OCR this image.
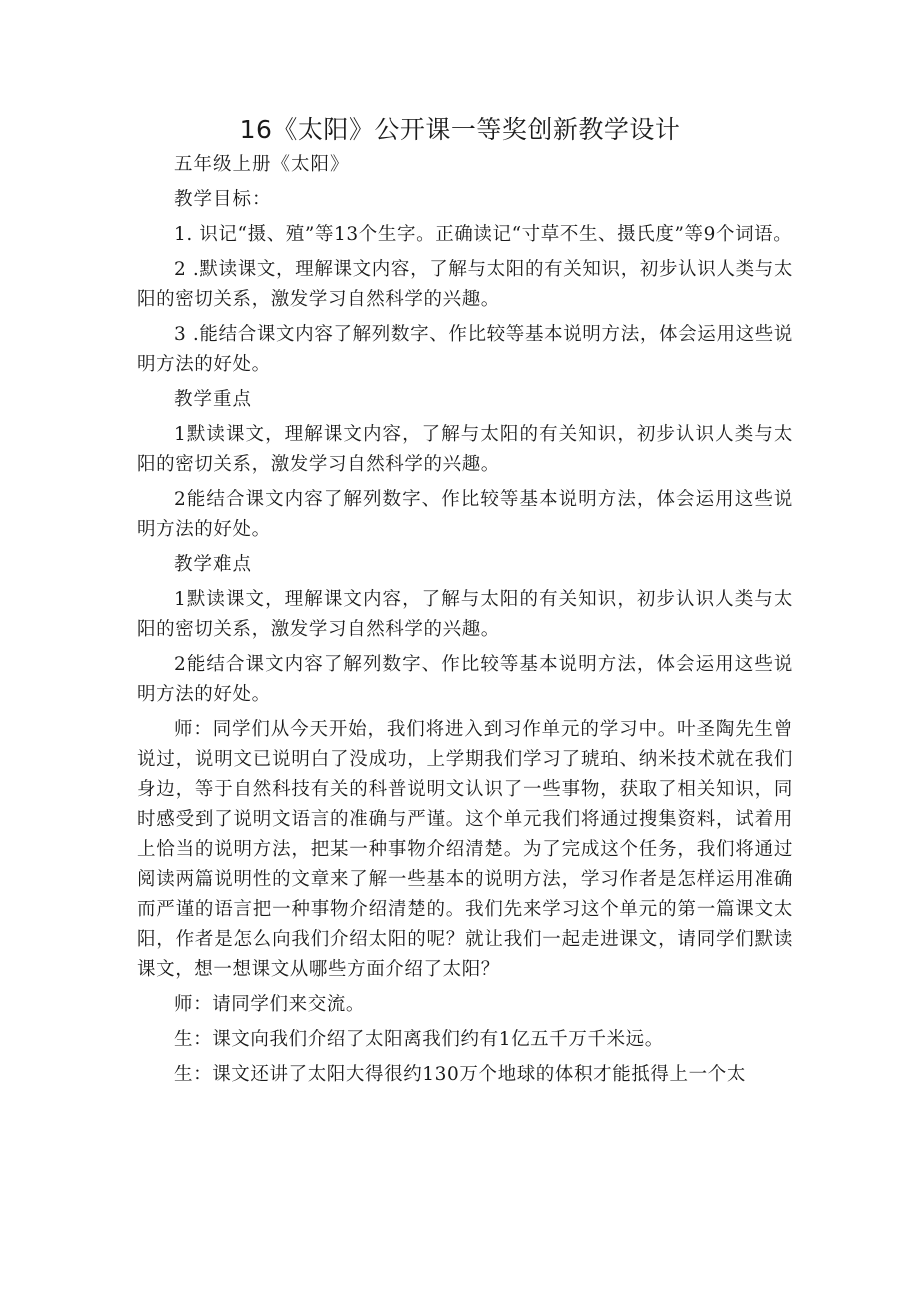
16《太阳》公开课一等奖创新教学设计

五年级上册《太阳》

教学目标：

1. 识记“摄、殖”等13个生字。正确读记“寸草不生、摄氏度”等9个词语。

2 .默读课文，理解课文内容，了解与太阳的有关知识，初步认识人类与太阳的密切关系，激发学习自然科学的兴趣。

3 .能结合课文内容了解列数字、作比较等基本说明方法，体会运用这些说明方法的好处。

教学重点

1默读课文，理解课文内容，了解与太阳的有关知识，初步认识人类与太阳的密切关系，激发学习自然科学的兴趣。

2能结合课文内容了解列数字、作比较等基本说明方法，体会运用这些说明方法的好处。

教学难点

1默读课文，理解课文内容，了解与太阳的有关知识，初步认识人类与太阳的密切关系，激发学习自然科学的兴趣。

2能结合课文内容了解列数字、作比较等基本说明方法，体会运用这些说明方法的好处。

师：同学们从今天开始，我们将进入到习作单元的学习中。叶圣陶先生曾说过，说明文已说明白了没成功，上学期我们学习了琥珀、纳米技术就在我们身边，等于自然科技有关的科普说明文认识了一些事物，获取了相关知识，同时感受到了说明文语言的准确与严谨。这个单元我们将通过搜集资料，试着用上恰当的说明方法，把某一种事物介绍清楚。为了完成这个任务，我们将通过阅读两篇说明性的文章来了解一些基本的说明方法，学习作者是怎样运用准确而严谨的语言把一种事物介绍清楚的。我们先来学习这个单元的第一篇课文太阳，作者是怎么向我们介绍太阳的呢？就让我们一起走进课文，请同学们默读课文，想一想课文从哪些方面介绍了太阳？

师：请同学们来交流。

生：课文向我们介绍了太阳离我们约有1亿五千万千米远。

生：课文还讲了太阳大得很约130万个地球的体积才能抵得上一个太
